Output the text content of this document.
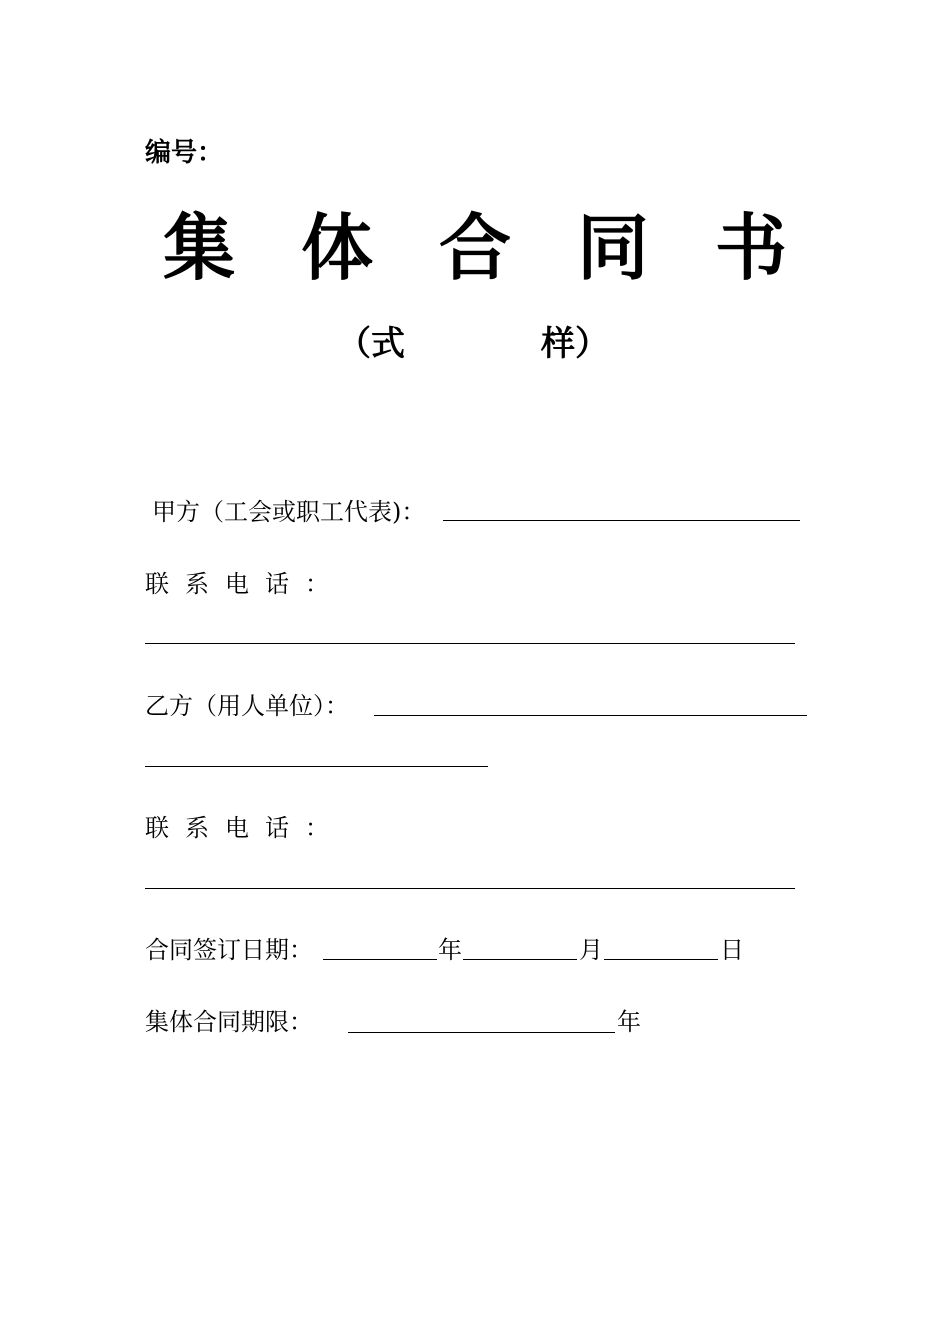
编号：
集 体 合 同 书
（式	样）
甲方（工会或职工代表)：
联系电话：
乙方（用人单位）：
联系电话：
合同签订日期：	年	月	日
集体合同期限：	年
